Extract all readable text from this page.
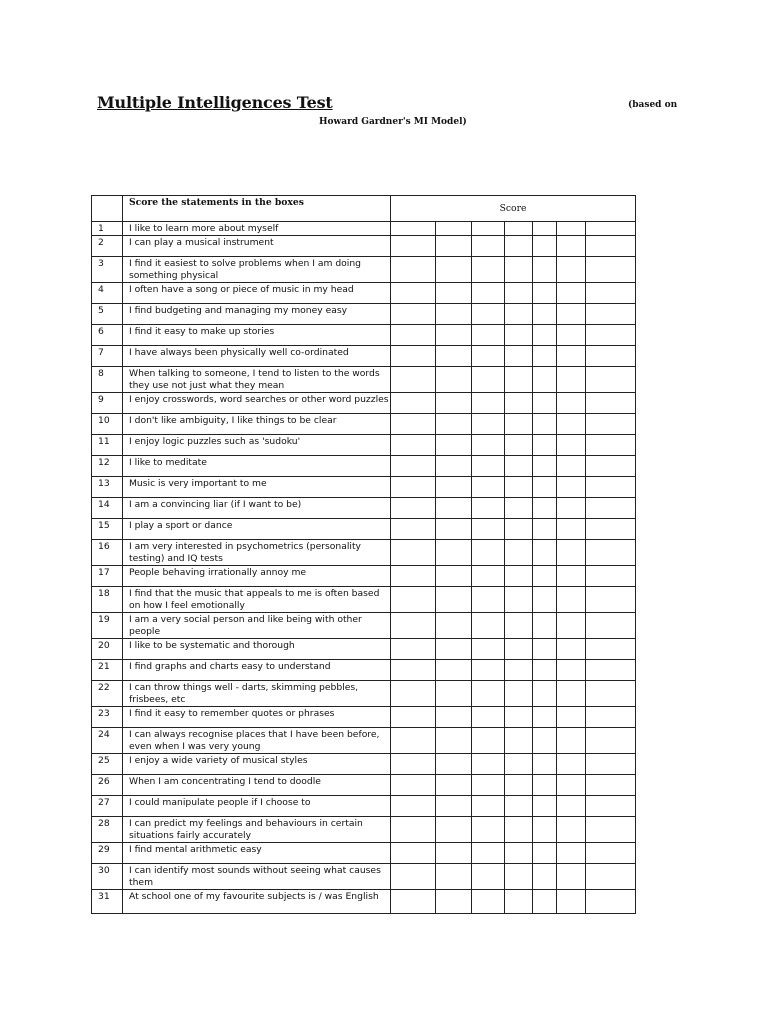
Multiple Intelligences Test	(based on
Howard Gardner's MI Model)
	Score the statements in the boxes	Score						
1	I like to learn more about myself							
2	I can play a musical instrument							
3	I find it easiest to solve problems when I am doing something physical							
4	I often have a song or piece of music in my head							
5	I find budgeting and managing my money easy							
6	I find it easy to make up stories							
7	I have always been physically well co-ordinated							
8	When talking to someone, I tend to listen to the words they use not just what they mean							
9	I enjoy crosswords, word searches or other word puzzles							
10	I don't like ambiguity, I like things to be clear							
11	I enjoy logic puzzles such as 'sudoku'							
12	I like to meditate							
13	Music is very important to me							
14	I am a convincing liar (if I want to be)							
15	I play a sport or dance							
16	I am very interested in psychometrics (personality testing) and IQ tests							
17	People behaving irrationally annoy me							
18	I find that the music that appeals to me is often based on how I feel emotionally							
19	I am a very social person and like being with other people							
20	I like to be systematic and thorough							
21	I find graphs and charts easy to understand							
22	I can throw things well - darts, skimming pebbles, frisbees, etc							
23	I find it easy to remember quotes or phrases							
24	I can always recognise places that I have been before, even when I was very young							
25	I enjoy a wide variety of musical styles							
26	When I am concentrating I tend to doodle							
27	I could manipulate people if I choose to							
28	I can predict my feelings and behaviours in certain situations fairly accurately							
29	I find mental arithmetic easy							
30	I can identify most sounds without seeing what causes them							
31	At school one of my favourite subjects is / was English							
